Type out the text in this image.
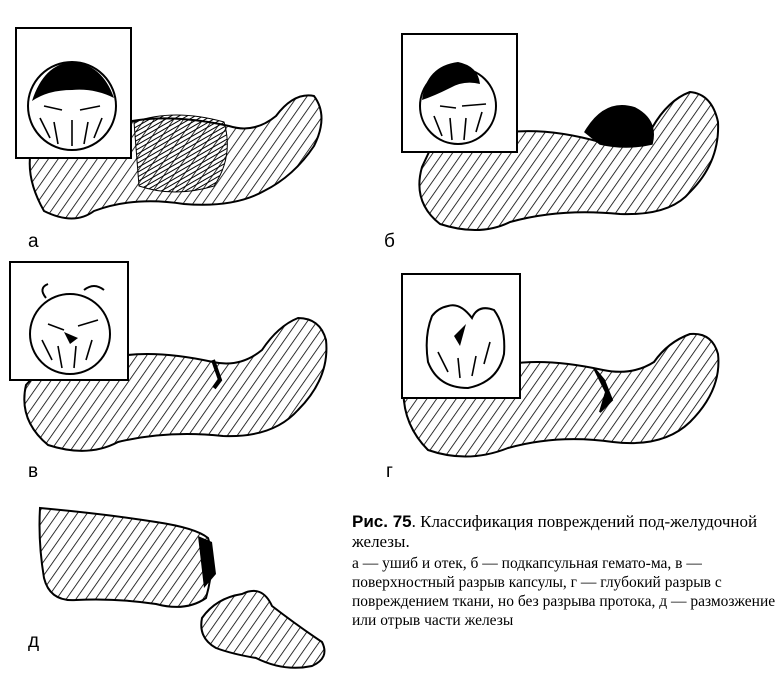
а	б
в	г
д
Рис. 75. Классификация повреждений под-желудочной железы.
а — ушиб и отек, б — подкапсульная гемато-ма, в — поверхностный разрыв капсулы, г — глубокий разрыв с повреждением ткани, но без разрыва протока, д — размозжение или отрыв части железы
